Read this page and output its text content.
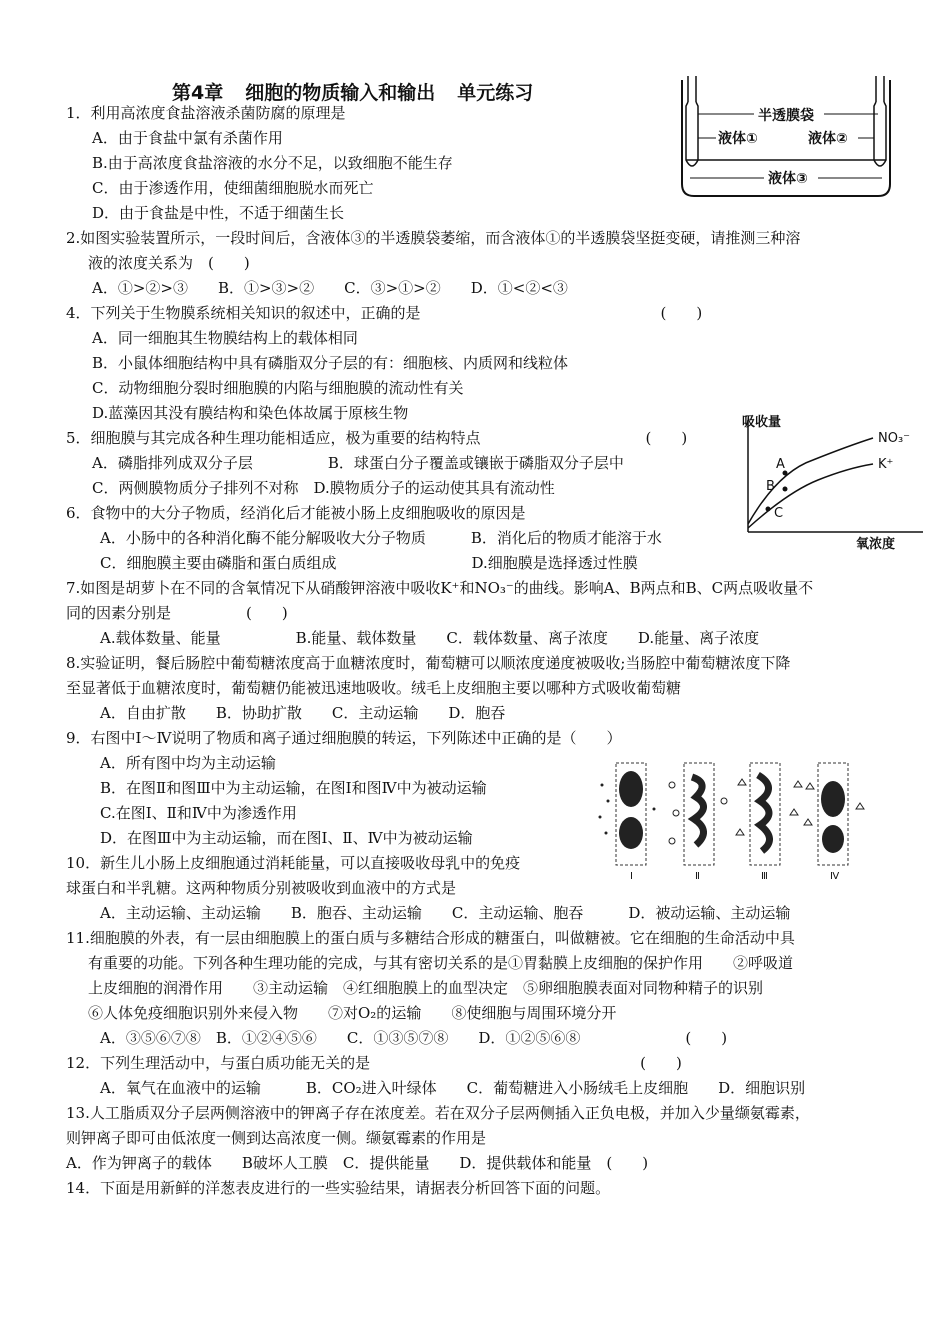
第4章 细胞的物质输入和输出 单元练习
1．利用高浓度食盐溶液杀菌防腐的原理是
A．由于食盐中氯有杀菌作用
B.由于高浓度食盐溶液的水分不足，以致细胞不能生存
C．由于渗透作用，使细菌细胞脱水而死亡
D．由于食盐是中性，不适于细菌生长
2.如图实验装置所示，一段时间后，含液体③的半透膜袋萎缩，而含液体①的半透膜袋坚挺变硬，请推测三种溶
液的浓度关系为　(　　)
A．①>②>③　　B．①>③>②　　C．③>①>②　　D．①<②<③
4．下列关于生物膜系统相关知识的叙述中，正确的是　　　　　　　　　　　　　　　　(　　)
A．同一细胞其生物膜结构上的载体相同
B．小鼠体细胞结构中具有磷脂双分子层的有：细胞核、内质网和线粒体
C．动物细胞分裂时细胞膜的内陷与细胞膜的流动性有关
D.蓝藻因其没有膜结构和染色体故属于原核生物
5．细胞膜与其完成各种生理功能相适应，极为重要的结构特点　　　　　　　　　　　(　　)
A．磷脂排列成双分子层　　　　　B．球蛋白分子覆盖或镶嵌于磷脂双分子层中
C．两侧膜物质分子排列不对称　D.膜物质分子的运动使其具有流动性
6．食物中的大分子物质，经消化后才能被小肠上皮细胞吸收的原因是
A．小肠中的各种消化酶不能分解吸收大分子物质　　　B．消化后的物质才能溶于水
C．细胞膜主要由磷脂和蛋白质组成　　　　　　　　　D.细胞膜是选择透过性膜
7.如图是胡萝卜在不同的含氧情况下从硝酸钾溶液中吸收K⁺和NO₃⁻的曲线。影响A、B两点和B、C两点吸收量不
同的因素分别是　　　　　(　　)
A.载体数量、能量　　　　　B.能量、载体数量　　C．载体数量、离子浓度　　D.能量、离子浓度
8.实验证明，餐后肠腔中葡萄糖浓度高于血糖浓度时，葡萄糖可以顺浓度递度被吸收;当肠腔中葡萄糖浓度下降
至显著低于血糖浓度时，葡萄糖仍能被迅速地吸收。绒毛上皮细胞主要以哪种方式吸收葡萄糖
A．自由扩散　　B．协助扩散　　C．主动运输　　D．胞吞
9．右图中Ⅰ～Ⅳ说明了物质和离子通过细胞膜的转运，下列陈述中正确的是（　　）
A．所有图中均为主动运输
B．在图Ⅱ和图Ⅲ中为主动运输，在图Ⅰ和图Ⅳ中为被动运输
C.在图Ⅰ、Ⅱ和Ⅳ中为渗透作用
D．在图Ⅲ中为主动运输，而在图Ⅰ、Ⅱ、Ⅳ中为被动运输
10．新生儿小肠上皮细胞通过消耗能量，可以直接吸收母乳中的免疫
球蛋白和半乳糖。这两种物质分别被吸收到血液中的方式是
A．主动运输、主动运输　　B．胞吞、主动运输　　C．主动运输、胞吞　　　D．被动运输、主动运输
11.细胞膜的外表，有一层由细胞膜上的蛋白质与多糖结合形成的糖蛋白，叫做糖被。它在细胞的生命活动中具
有重要的功能。下列各种生理功能的完成，与其有密切关系的是①胃黏膜上皮细胞的保护作用　　②呼吸道
上皮细胞的润滑作用　　③主动运输　④红细胞膜上的血型决定　⑤卵细胞膜表面对同物种精子的识别
⑥人体免疫细胞识别外来侵入物　　⑦对O₂的运输　　⑧使细胞与周围环境分开
A．③⑤⑥⑦⑧　B．①②④⑤⑥　　C．①③⑤⑦⑧　　D．①②⑤⑥⑧　　　　　　　(　　)
12．下列生理活动中，与蛋白质功能无关的是　　　　　　　　　　　　　　　　　　(　　)
A．氧气在血液中的运输　　　B．CO₂进入叶绿体　　C．葡萄糖进入小肠绒毛上皮细胞　　D．细胞识别
13.人工脂质双分子层两侧溶液中的钾离子存在浓度差。若在双分子层两侧插入正负电极，并加入少量缬氨霉素，
则钾离子即可由低浓度一侧到达高浓度一侧。缬氨霉素的作用是
A．作为钾离子的载体　　B破坏人工膜　C．提供能量　　D．提供载体和能量　(　　)
14．下面是用新鲜的洋葱表皮进行的一些实验结果，请据表分析回答下面的问题。
半透膜袋
液体①	液体②
液体③
吸收量
NO₃⁻
K⁺
A
B
C
氧浓度
Ⅰ	Ⅱ	Ⅲ	Ⅳ
